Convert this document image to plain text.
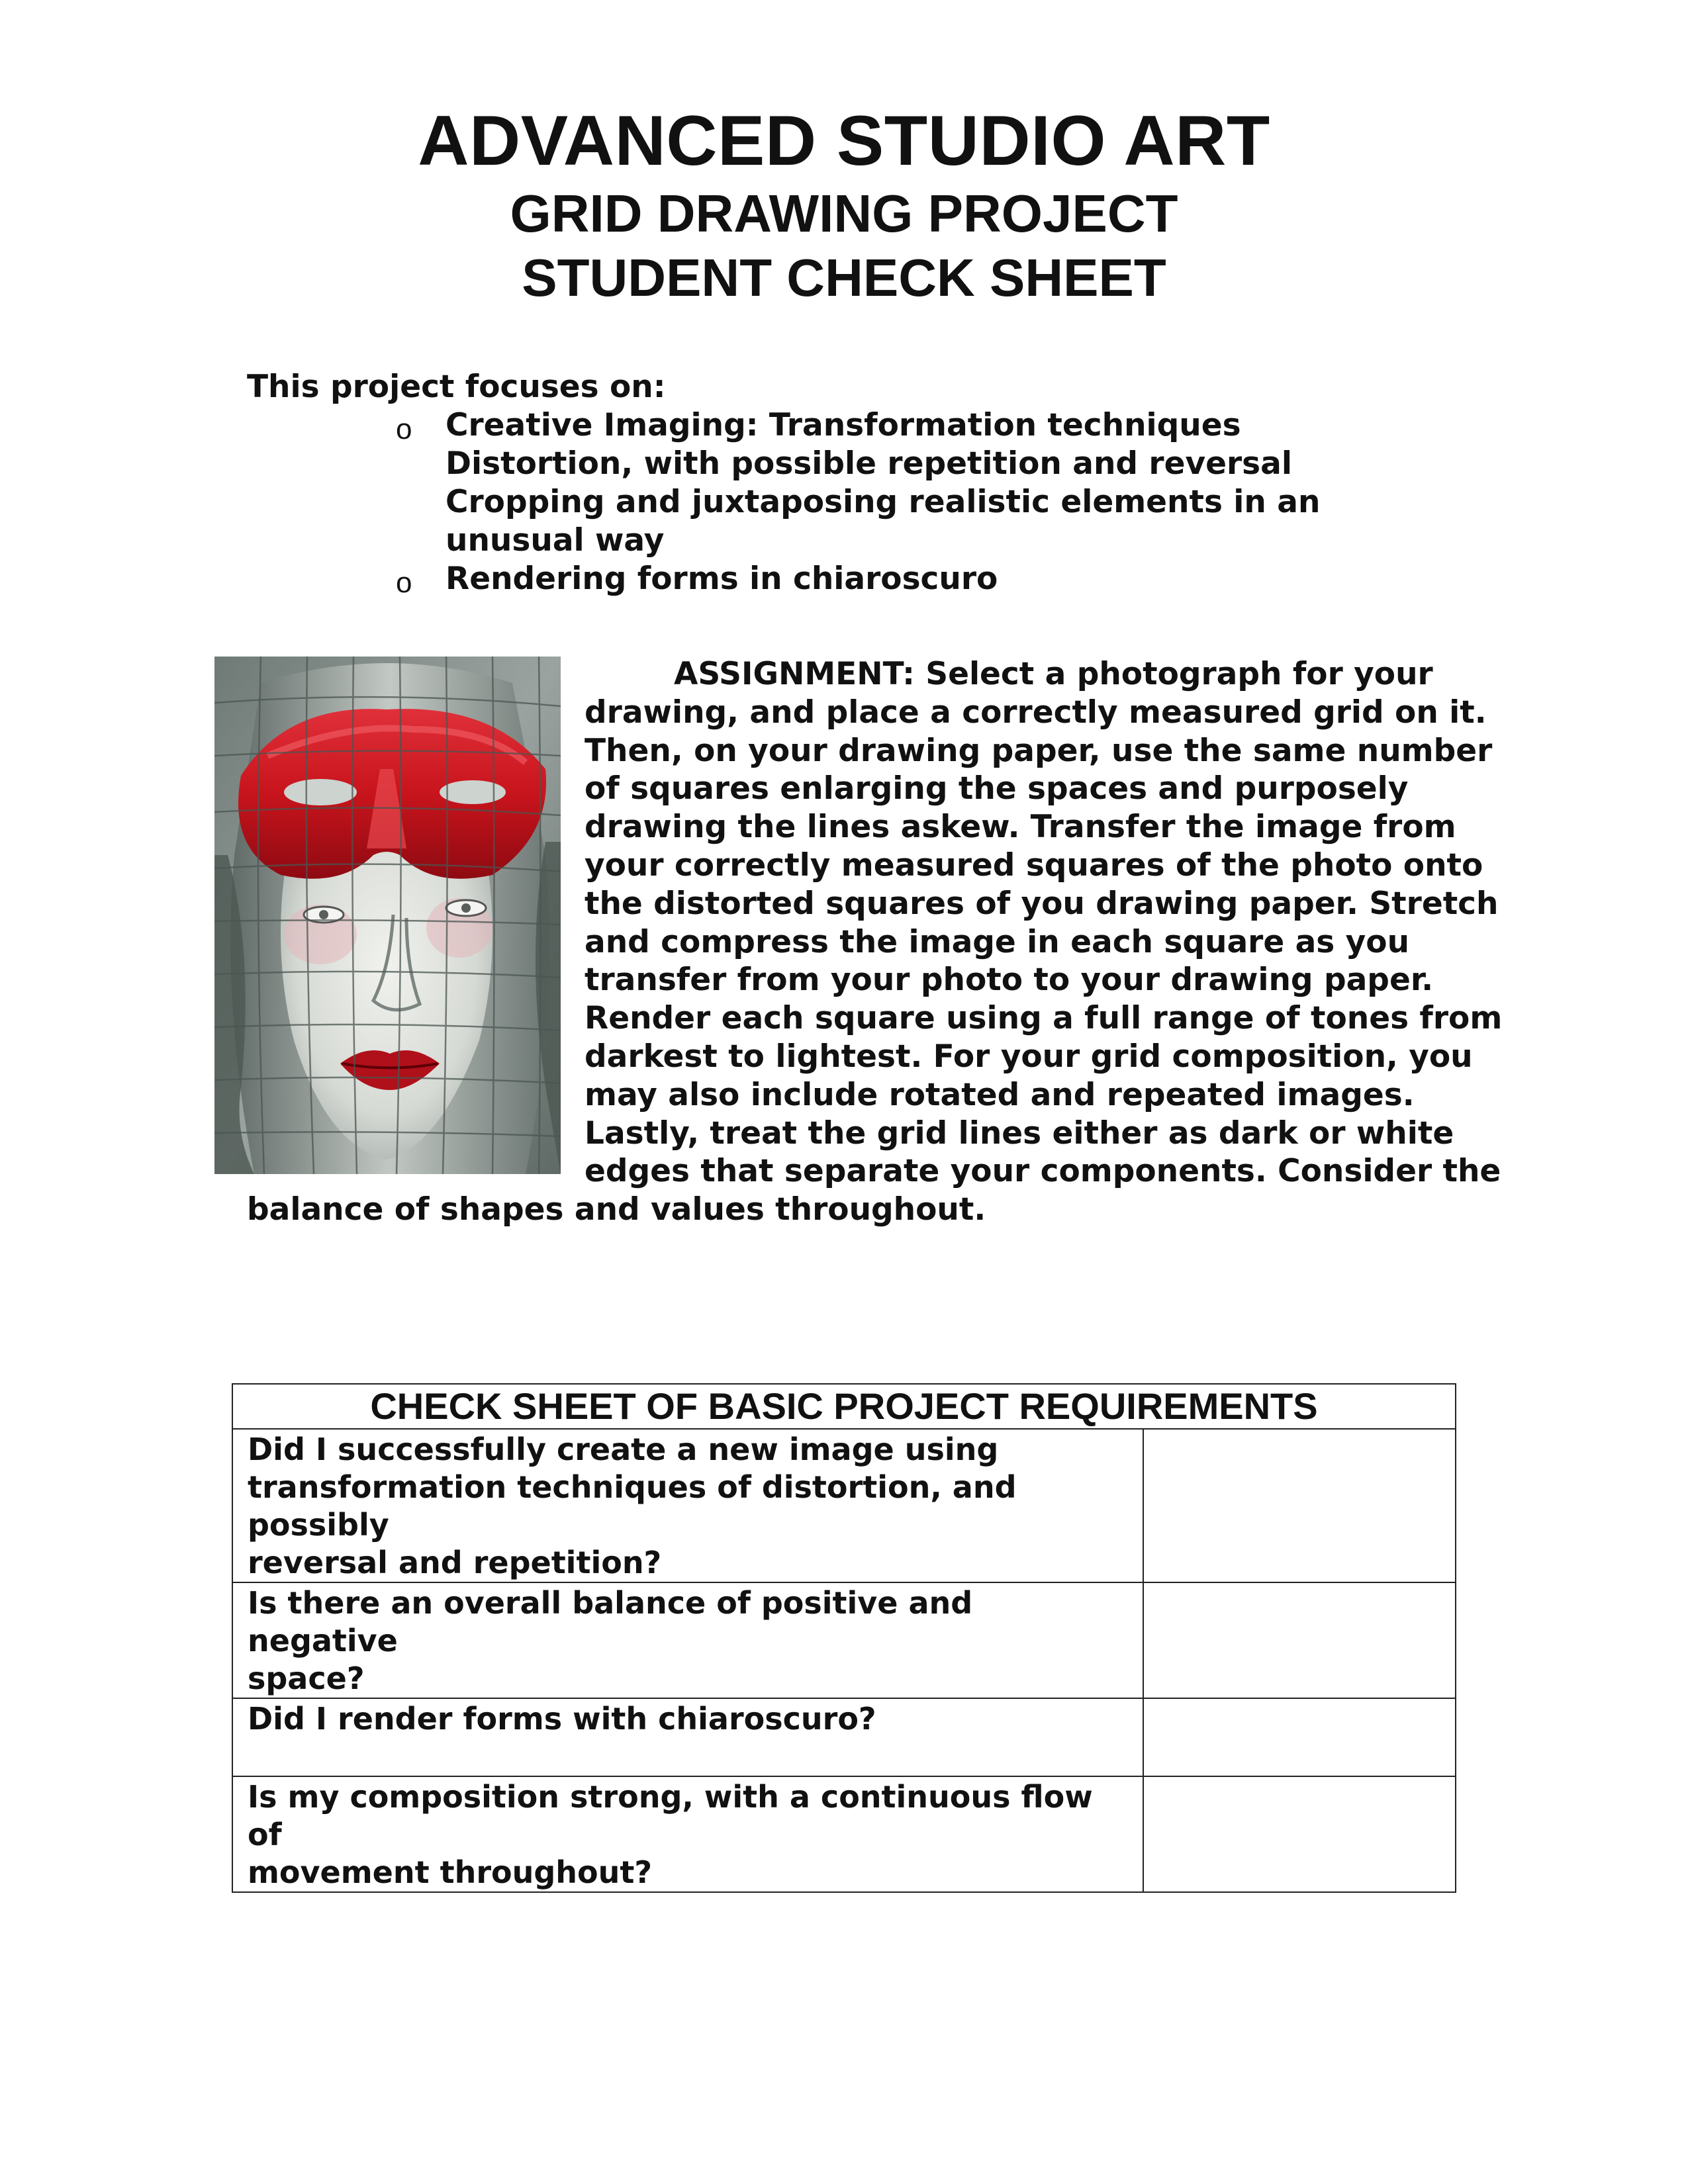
ADVANCED STUDIO ART
GRID DRAWING PROJECT
STUDENT CHECK SHEET
This project focuses on:
o Creative Imaging: Transformation techniques
Distortion, with possible repetition and reversal
Cropping and juxtaposing realistic elements in an
unusual way
o Rendering forms in chiaroscuro
ASSIGNMENT: Select a photograph for your
drawing, and place a correctly measured grid on it.
Then, on your drawing paper, use the same number
of squares enlarging the spaces and purposely
drawing the lines askew. Transfer the image from
your correctly measured squares of the photo onto
the distorted squares of you drawing paper. Stretch
and compress the image in each square as you
transfer from your photo to your drawing paper.
Render each square using a full range of tones from
darkest to lightest. For your grid composition, you
may also include rotated and repeated images.
Lastly, treat the grid lines either as dark or white
edges that separate your components. Consider the
balance of shapes and values throughout.
CHECK SHEET OF BASIC PROJECT REQUIREMENTS	

Did I successfully create a new image using
transformation techniques of distortion, and possibly
reversal and repetition?	

Is there an overall balance of positive and negative
space?	

Did I render forms with chiaroscuro?	

Is my composition strong, with a continuous flow of
movement throughout?	
